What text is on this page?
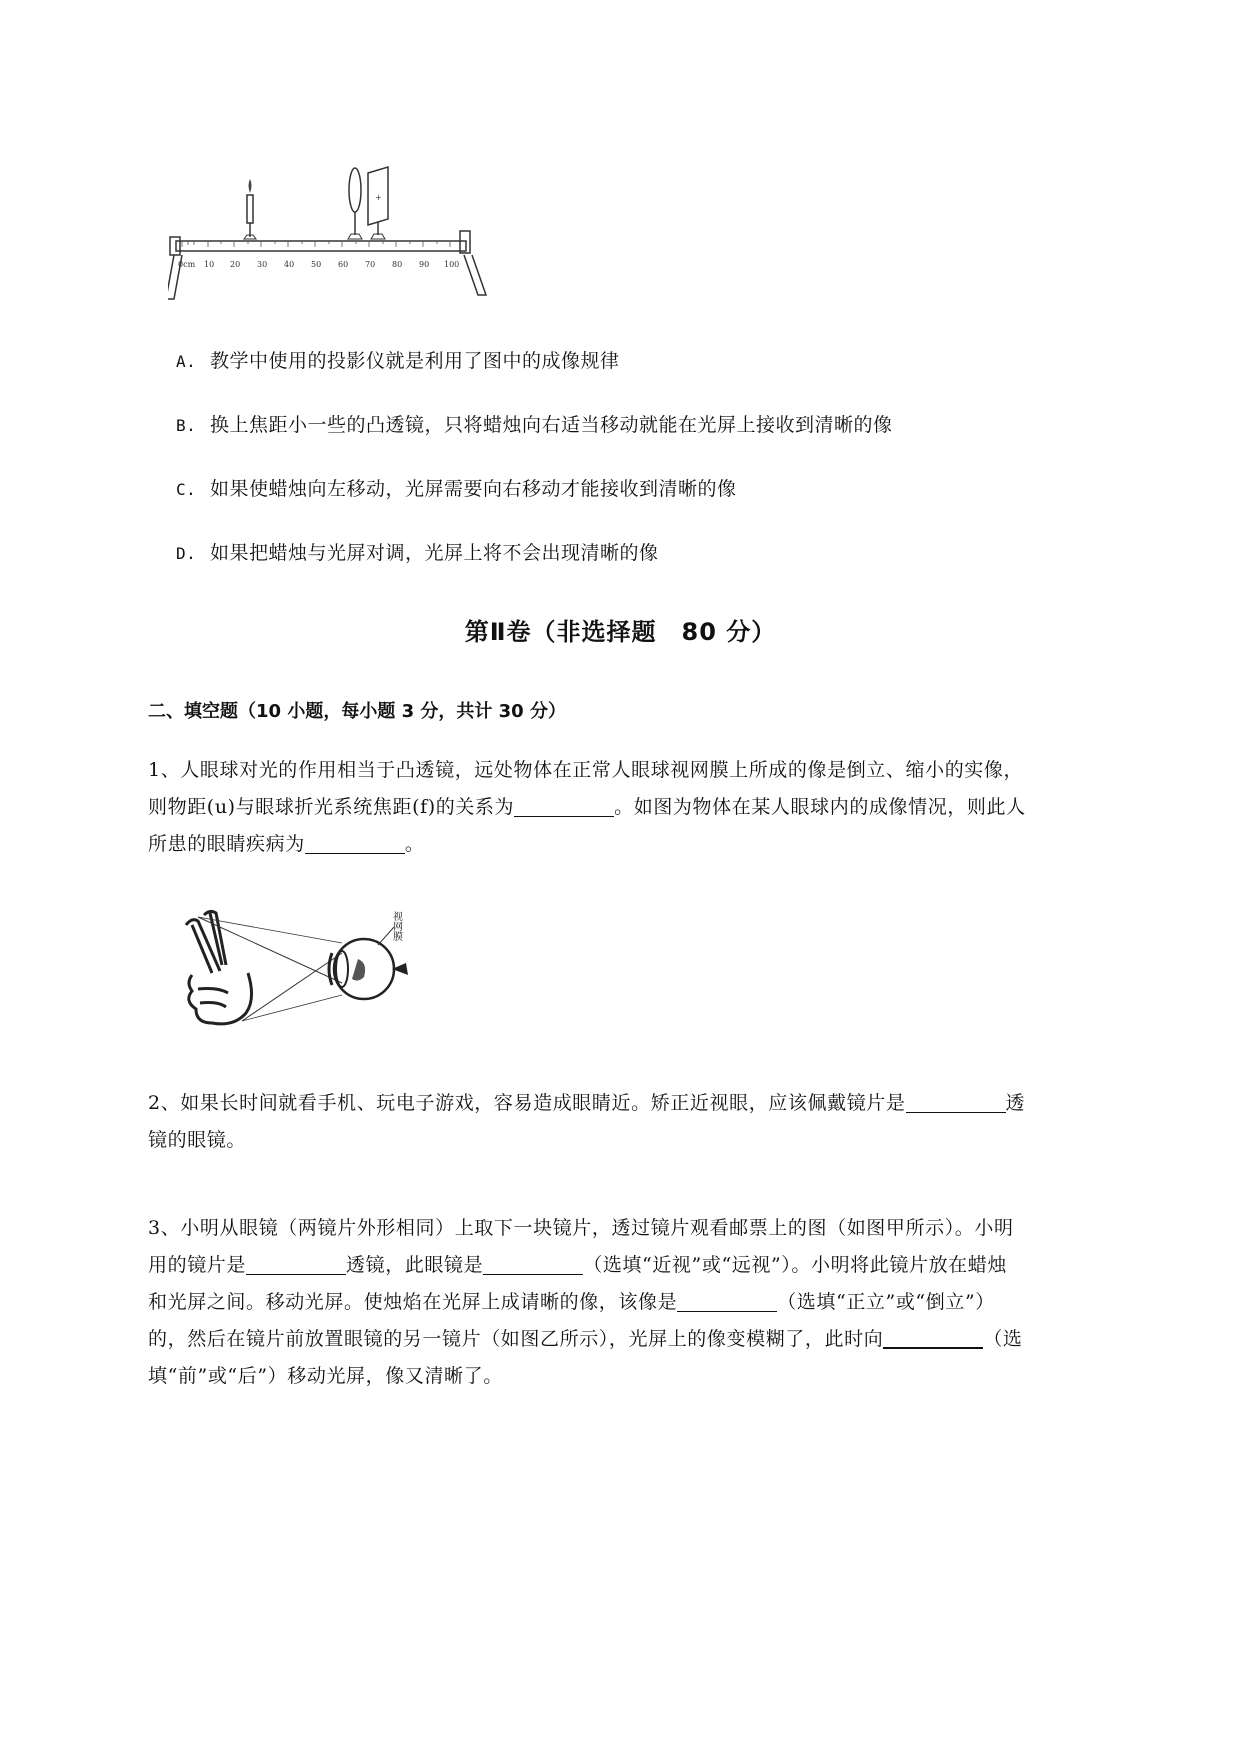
+
0cm 10 20 30 40 50 60 70 80 90 100
A. 教学中使用的投影仪就是利用了图中的成像规律
B. 换上焦距小一些的凸透镜，只将蜡烛向右适当移动就能在光屏上接收到清晰的像
C. 如果使蜡烛向左移动，光屏需要向右移动才能接收到清晰的像
D. 如果把蜡烛与光屏对调，光屏上将不会出现清晰的像
第Ⅱ卷（非选择题　80 分）
二、填空题（10 小题，每小题 3 分，共计 30 分）
1、人眼球对光的作用相当于凸透镜，远处物体在正常人眼球视网膜上所成的像是倒立、缩小的实像，
则物距(u)与眼球折光系统焦距(f)的关系为	。如图为物体在某人眼球内的成像情况，则此人
所患的眼睛疾病为	。
视网膜
2、如果长时间就看手机、玩电子游戏，容易造成眼睛近。矫正近视眼，应该佩戴镜片是	透
镜的眼镜。
3、小明从眼镜（两镜片外形相同）上取下一块镜片，透过镜片观看邮票上的图（如图甲所示）。小明
用的镜片是	透镜，此眼镜是	（选填“近视”或“远视”）。小明将此镜片放在蜡烛
和光屏之间。移动光屏。使烛焰在光屏上成请晰的像，该像是	（选填“正立”或“倒立”）
的，然后在镜片前放置眼镜的另一镜片（如图乙所示），光屏上的像变模糊了，此时向	（选
填“前”或“后”）移动光屏，像又清晰了。
